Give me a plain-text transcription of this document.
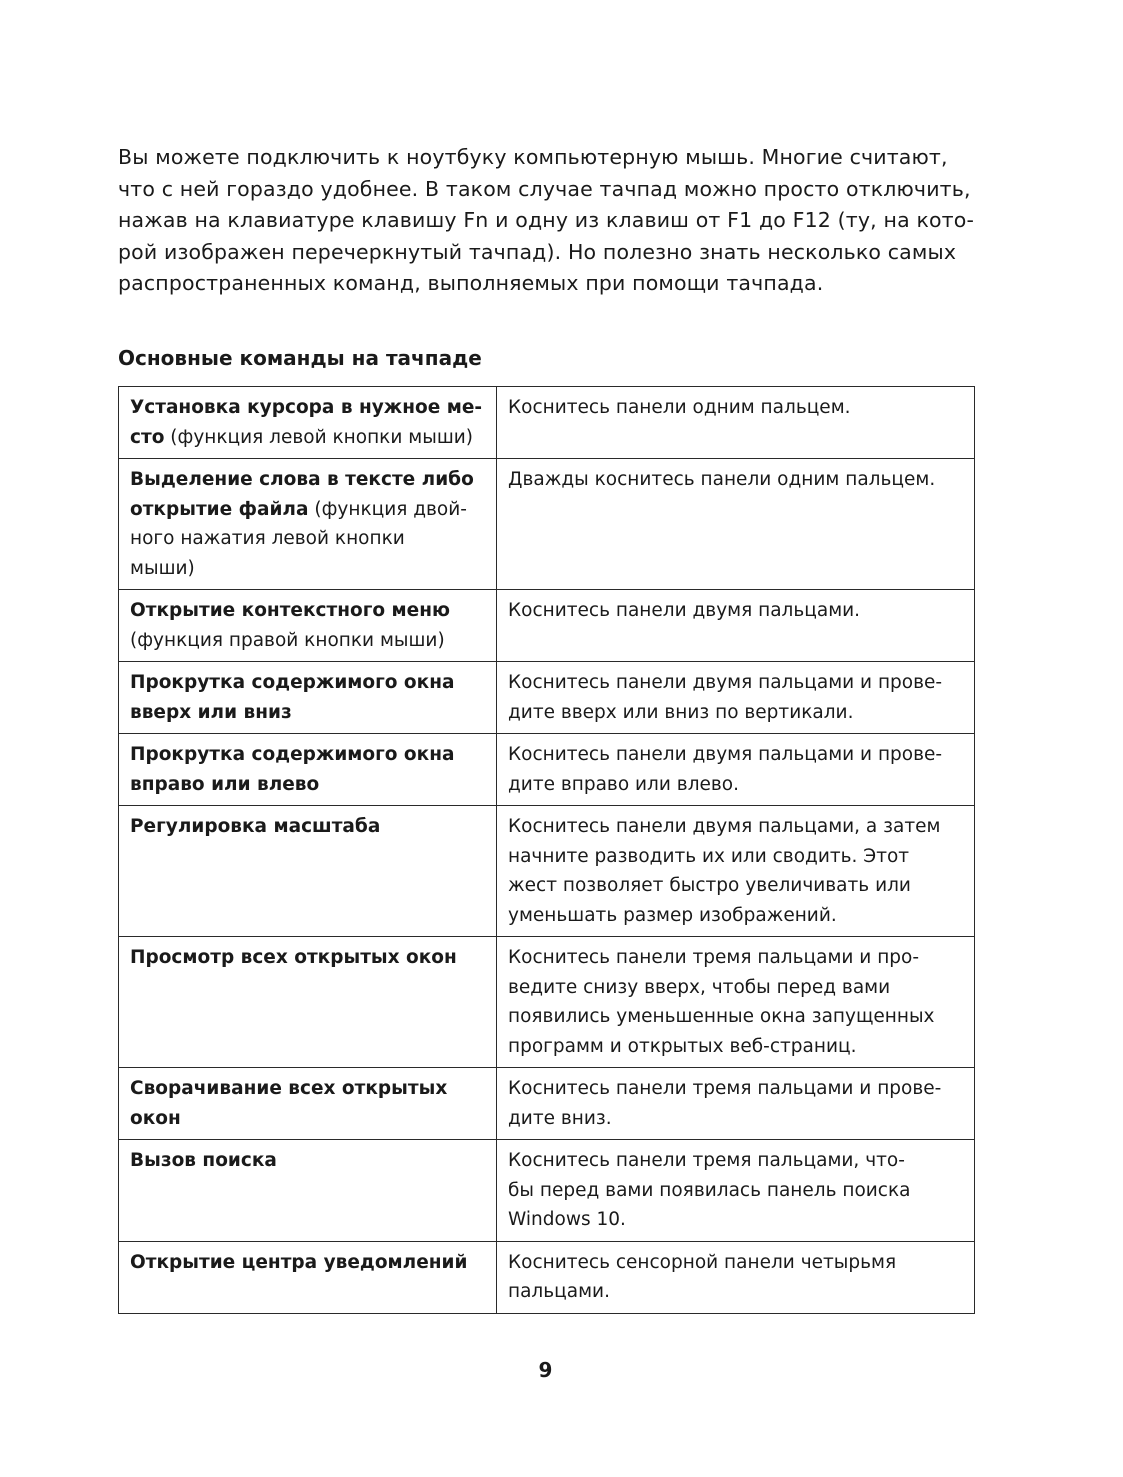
Вы можете подключить к ноутбуку компьютерную мышь. Многие считают,
что с ней гораздо удобнее. В таком случае тачпад можно просто отключить,
нажав на клавиатуре клавишу Fn и одну из клавиш от F1 до F12 (ту, на кото-
рой изображен перечеркнутый тачпад). Но полезно знать несколько самых
распространенных команд, выполняемых при помощи тачпада.

Основные команды на тачпаде
Установка курсора в нужное ме-
сто (функция левой кнопки мыши)	Коснитесь панели одним пальцем.

Выделение слова в тексте либо
открытие файла (функция двой-
ного нажатия левой кнопки
мыши)	Дважды коснитесь панели одним пальцем.

Открытие контекстного меню
(функция правой кнопки мыши)	Коснитесь панели двумя пальцами.

Прокрутка содержимого окна
вверх или вниз	Коснитесь панели двумя пальцами и прове-
дите вверх или вниз по вертикали.

Прокрутка содержимого окна
вправо или влево	Коснитесь панели двумя пальцами и прове-
дите вправо или влево.

Регулировка масштаба	Коснитесь панели двумя пальцами, а затем
начните разводить их или сводить. Этот
жест позволяет быстро увеличивать или
уменьшать размер изображений.

Просмотр всех открытых окон	Коснитесь панели тремя пальцами и про-
ведите снизу вверх, чтобы перед вами
появились уменьшенные окна запущенных
программ и открытых веб-страниц.

Сворачивание всех открытых
окон	Коснитесь панели тремя пальцами и прове-
дите вниз.

Вызов поиска	Коснитесь панели тремя пальцами, что-
бы перед вами появилась панель поиска
Windows 10.

Открытие центра уведомлений	Коснитесь сенсорной панели четырьмя
пальцами.
9
